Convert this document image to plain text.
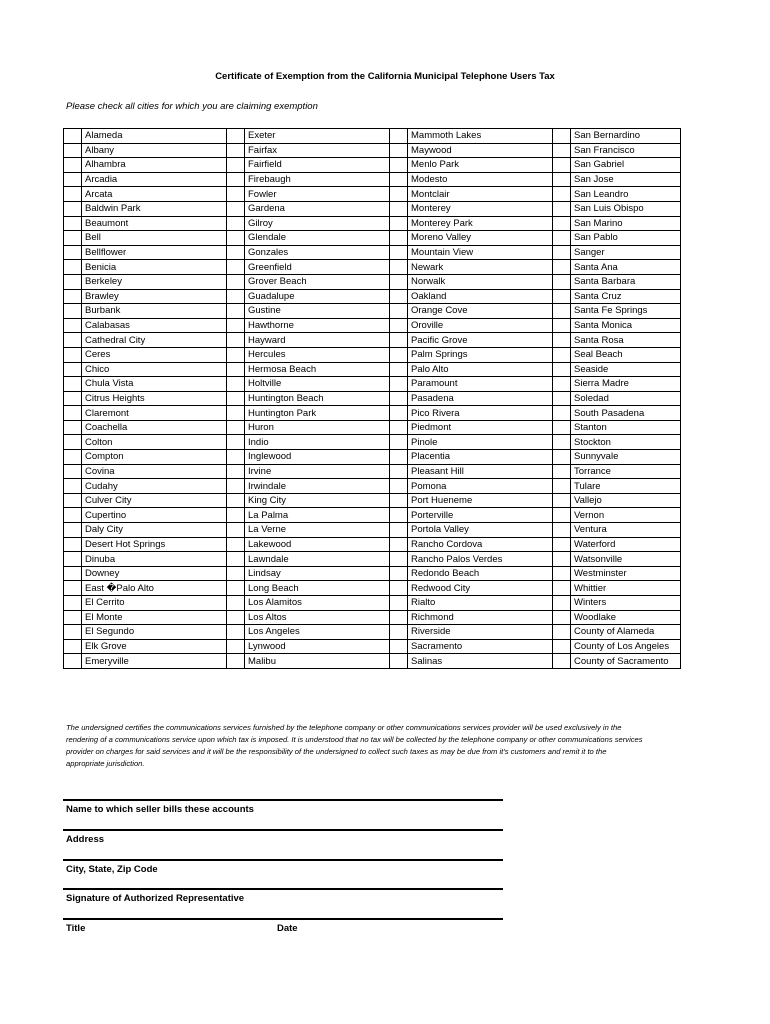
Certificate of Exemption from the California Municipal Telephone Users Tax
Please check all cities for which you are claiming exemption
	Alameda		Exeter		Mammoth Lakes		San Bernardino
	Albany		Fairfax		Maywood		San Francisco
	Alhambra		Fairfield		Menlo Park		San Gabriel
	Arcadia		Firebaugh		Modesto		San Jose
	Arcata		Fowler		Montclair		San Leandro
	Baldwin Park		Gardena		Monterey		San Luis Obispo
	Beaumont		Gilroy		Monterey Park		San Marino
	Bell		Glendale		Moreno Valley		San Pablo
	Bellflower		Gonzales		Mountain View		Sanger
	Benicia		Greenfield		Newark		Santa Ana
	Berkeley		Grover Beach		Norwalk		Santa Barbara
	Brawley		Guadalupe		Oakland		Santa Cruz
	Burbank		Gustine		Orange Cove		Santa Fe Springs
	Calabasas		Hawthorne		Oroville		Santa Monica
	Cathedral City		Hayward		Pacific Grove		Santa Rosa
	Ceres		Hercules		Palm Springs		Seal Beach
	Chico		Hermosa Beach		Palo Alto		Seaside
	Chula Vista		Holtville		Paramount		Sierra Madre
	Citrus Heights		Huntington Beach		Pasadena		Soledad
	Claremont		Huntington Park		Pico Rivera		South Pasadena
	Coachella		Huron		Piedmont		Stanton
	Colton		Indio		Pinole		Stockton
	Compton		Inglewood		Placentia		Sunnyvale
	Covina		Irvine		Pleasant Hill		Torrance
	Cudahy		Irwindale		Pomona		Tulare
	Culver City		King City		Port Hueneme		Vallejo
	Cupertino		La Palma		Porterville		Vernon
	Daly City		La Verne		Portola Valley		Ventura
	Desert Hot Springs		Lakewood		Rancho Cordova		Waterford
	Dinuba		Lawndale		Rancho Palos Verdes		Watsonville
	Downey		Lindsay		Redondo Beach		Westminster
	East �Palo Alto		Long Beach		Redwood City		Whittier
	El Cerrito		Los Alamitos		Rialto		Winters
	El Monte		Los Altos		Richmond		Woodlake
	El Segundo		Los Angeles		Riverside		County of Alameda
	Elk Grove		Lynwood		Sacramento		County of Los Angeles
	Emeryville		Malibu		Salinas		County of Sacramento
The undersigned certifies the communications services furnished by the telephone company or other communications services provider will be used exclusively in the rendering of a communications service upon which tax is imposed. It is understood that no tax will be collected by the telephone company or other communications services provider on charges for said services and it will be the responsibility of the undersigned to collect such taxes as may be due from it's customers and remit it to the appropriate jurisdiction.
Name to which seller bills these accounts
Address
City, State, Zip Code
Signature of Authorized Representative
Title	Date
